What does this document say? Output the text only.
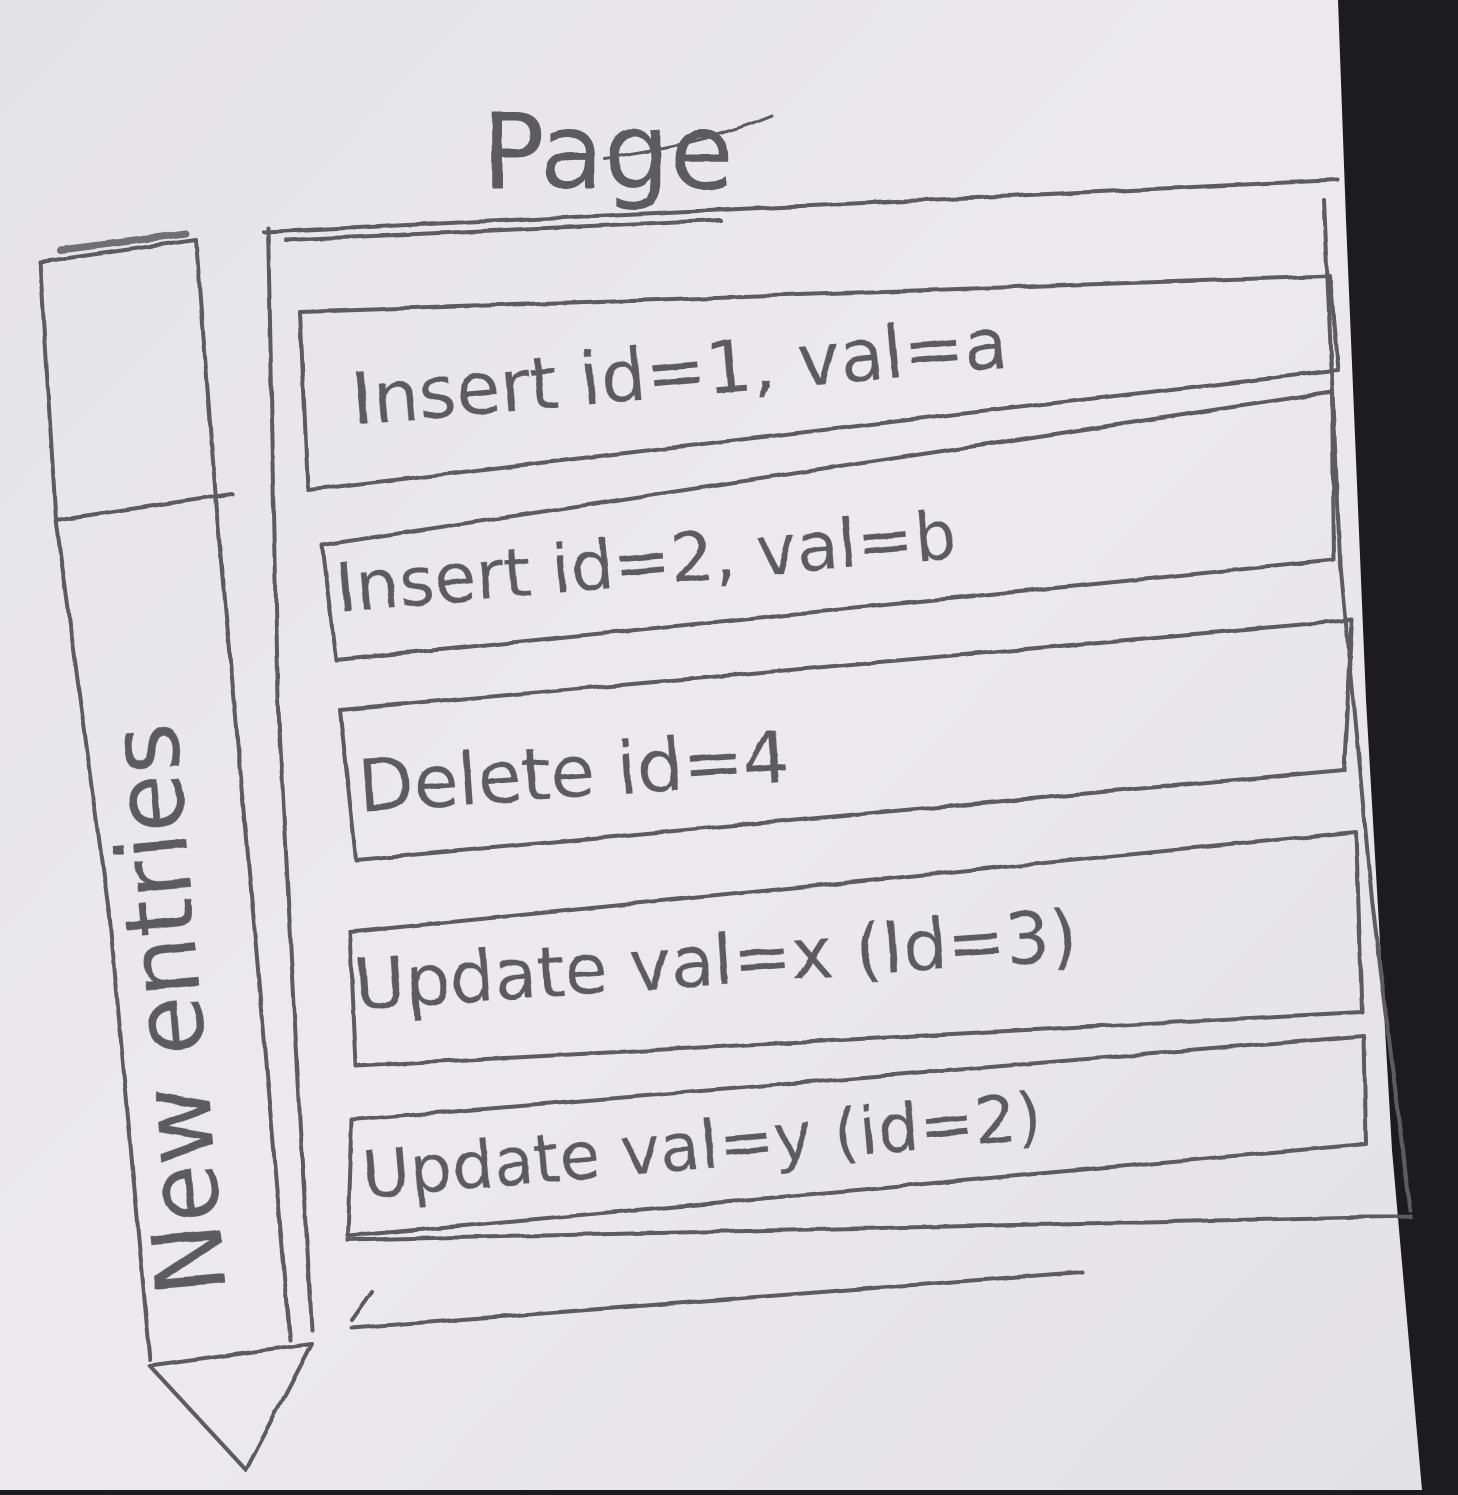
Page
Insert id=1, val=a
Insert id=2, val=b
Delete id=4
Update val=x (Id=3)
Update val=y (id=2)
New entries
